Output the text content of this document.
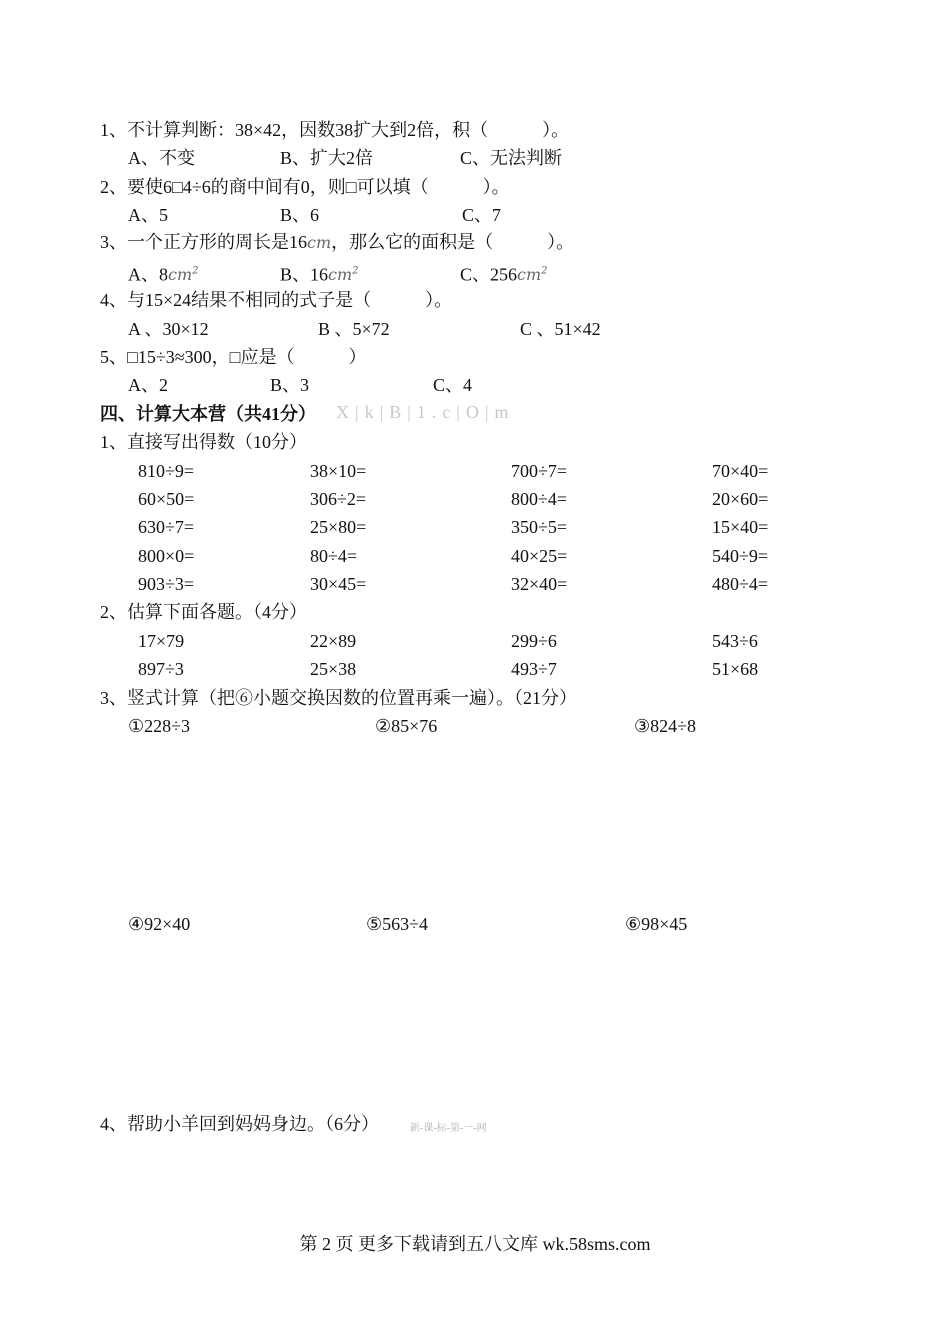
1、不计算判断：38×42，因数38扩大到2倍，积（　　　）。
A、不变	B、扩大2倍	C、无法判断
2、要使6□4÷6的商中间有0，则□可以填（　　　）。
A、5	B、6	C、7
3、一个正方形的周长是16cm，那么它的面积是（　　　）。
A、$8cm^2$	B、$16cm^2$	C、$256cm^2$
4、与15×24结果不相同的式子是（　　　）。
A 、30×12	B 、5×72	C 、51×42
5、□15÷3≈300，□应是（　　　）
A、2	B、3	C、4
四、计算大本营（共41分） X|k|B|1.c|O|m
1、直接写出得数（10分）
810÷9=	38×10=	700÷7=	70×40=
60×50=	306÷2=	800÷4=	20×60=
630÷7=	25×80=	350÷5=	15×40=
800×0=	80÷4=	40×25=	540÷9=
903÷3=	30×45=	32×40=	480÷4=
2、估算下面各题。（4分）
17×79	22×89	299÷6	543÷6
897÷3	25×38	493÷7	51×68
3、竖式计算（把⑥小题交换因数的位置再乘一遍）。（21分）
①228÷3	②85×76	③824÷8
④92×40	⑤563÷4	⑥98×45
4、帮助小羊回到妈妈身边。（6分）	新-课-标-第-一-网
第 2 页 更多下载请到五八文库 wk.58sms.com
